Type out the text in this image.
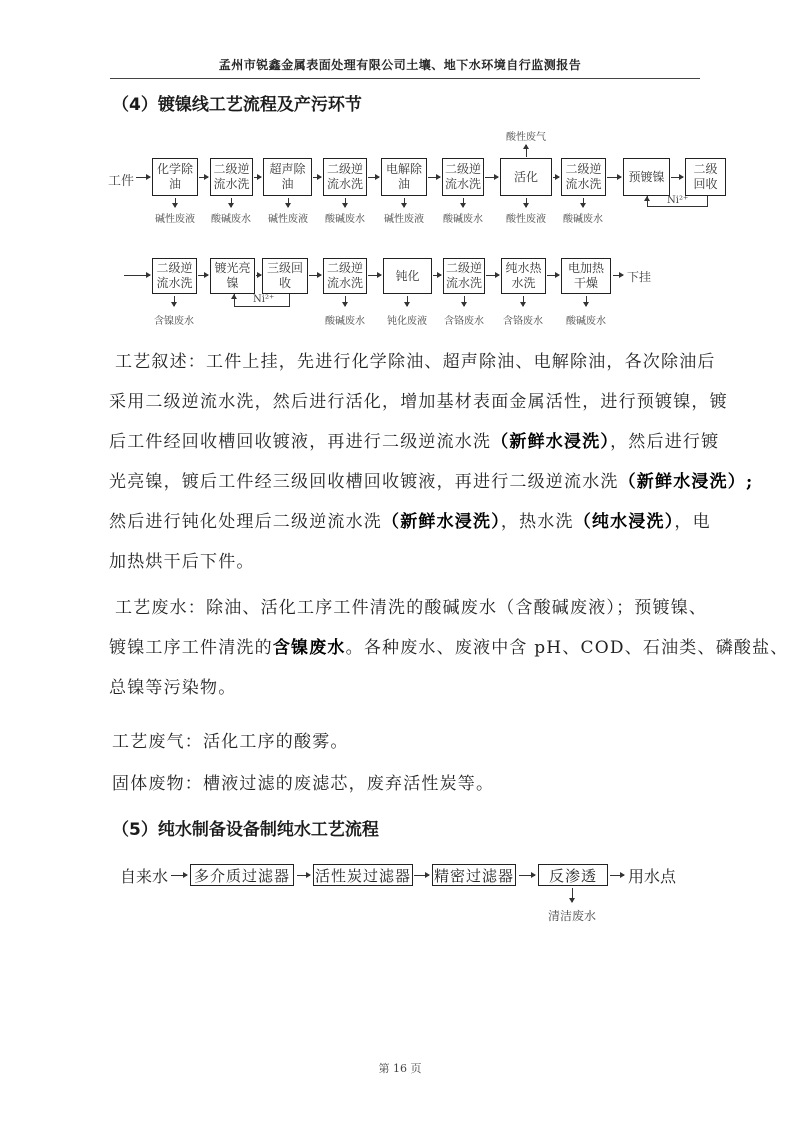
孟州市锐鑫金属表面处理有限公司土壤、地下水环境自行监测报告
（4）镀镍线工艺流程及产污环节
工件
化学除油
碱性废液
二级逆流水洗
酸碱废水
超声除油
碱性废液
二级逆流水洗
酸碱废水
电解除油
碱性废液
二级逆流水洗
酸碱废水
酸性废气
活化
酸性废液
二级逆流水洗
酸碱废水
预镀镍
二级回收
Ni²⁺
二级逆流水洗
含镍废水
镀光亮镍
三级回收
Ni²⁺
二级逆流水洗
酸碱废水
钝化
钝化废液
二级逆流水洗
含铬废水
纯水热水洗
含铬废水
电加热干燥
酸碱废水
下挂
工艺叙述：工件上挂，先进行化学除油、超声除油、电解除油，各次除油后
采用二级逆流水洗，然后进行活化，增加基材表面金属活性，进行预镀镍，镀
后工件经回收槽回收镀液，再进行二级逆流水洗（新鲜水浸洗），然后进行镀
光亮镍，镀后工件经三级回收槽回收镀液，再进行二级逆流水洗（新鲜水浸洗）;
然后进行钝化处理后二级逆流水洗（新鲜水浸洗），热水洗（纯水浸洗），电
加热烘干后下件。
工艺废水：除油、活化工序工件清洗的酸碱废水（含酸碱废液）；预镀镍、
镀镍工序工件清洗的含镍废水。各种废水、废液中含 pH、COD、石油类、磷酸盐、
总镍等污染物。
工艺废气：活化工序的酸雾。
固体废物：槽液过滤的废滤芯，废弃活性炭等。
（5）纯水制备设备制纯水工艺流程
自来水 多介质过滤器 活性炭过滤器 精密过滤器	反渗透
清洁废水
用水点
第 16 页
